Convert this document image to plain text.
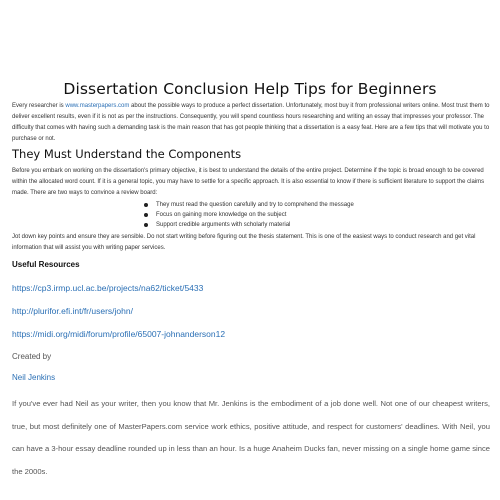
Dissertation Conclusion Help Tips for Beginners
Every researcher is www.masterpapers.com about the possible ways to produce a perfect dissertation. Unfortunately, most buy it from professional writers online. Most trust them to deliver excellent results, even if it is not as per the instructions. Consequently, you will spend countless hours researching and writing an essay that impresses your professor. The difficulty that comes with having such a demanding task is the main reason that has got people thinking that a dissertation is a easy feat. Here are a few tips that will motivate you to purchase or not.
They Must Understand the Components
Before you embark on working on the dissertation's primary objective, it is best to understand the details of the entire project. Determine if the topic is broad enough to be covered within the allocated word count. If it is a general topic, you may have to settle for a specific approach. It is also essential to know if there is sufficient literature to support the claims made. There are two ways to convince a review board:
They must read the question carefully and try to comprehend the message
Focus on gaining more knowledge on the subject
Support credible arguments with scholarly material
Jot down key points and ensure they are sensible. Do not start writing before figuring out the thesis statement. This is one of the easiest ways to conduct research and get vital information that will assist you with writing paper services.
Useful Resources
https://cp3.irmp.ucl.ac.be/projects/na62/ticket/5433
http://plurifor.efi.int/fr/users/john/
https://midi.org/midi/forum/profile/65007-johnanderson12
Created by
Neil Jenkins
If you've ever had Neil as your writer, then you know that Mr. Jenkins is the embodiment of a job done well. Not one of our cheapest writers, true, but most definitely one of MasterPapers.com service work ethics, positive attitude, and respect for customers' deadlines. With Neil, you can have a 3-hour essay deadline rounded up in less than an hour. Is a huge Anaheim Ducks fan, never missing on a single home game since the 2000s.
